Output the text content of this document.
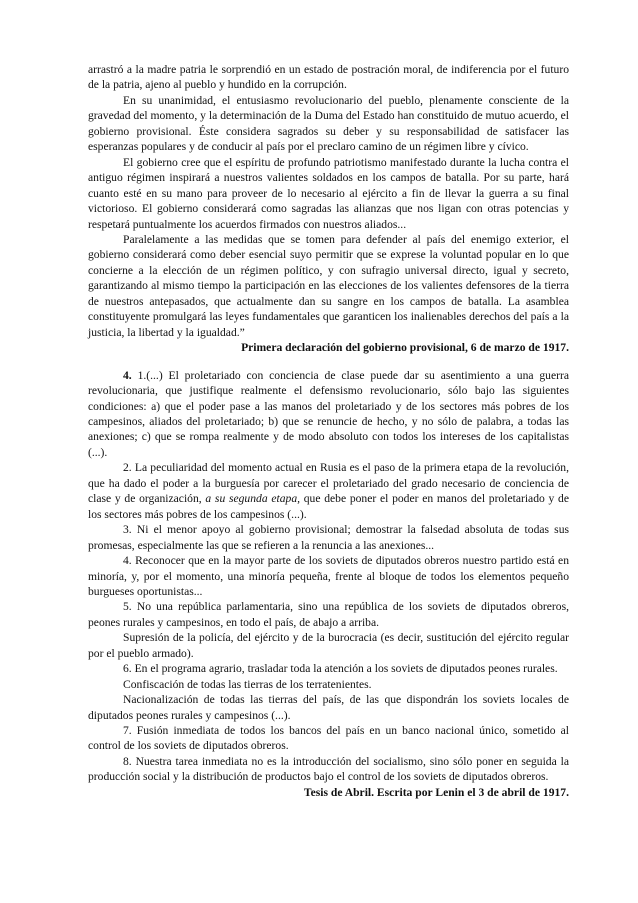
arrastró a la madre patria le sorprendió en un estado de postración moral, de indiferencia por el futuro de la patria, ajeno al pueblo y hundido en la corrupción.

En su unanimidad, el entusiasmo revolucionario del pueblo, plenamente consciente de la gravedad del momento, y la determinación de la Duma del Estado han constituido de mutuo acuerdo, el gobierno provisional. Éste considera sagrados su deber y su responsabilidad de satisfacer las esperanzas populares y de conducir al país por el preclaro camino de un régimen libre y cívico.

El gobierno cree que el espíritu de profundo patriotismo manifestado durante la lucha contra el antiguo régimen inspirará a nuestros valientes soldados en los campos de batalla. Por su parte, hará cuanto esté en su mano para proveer de lo necesario al ejército a fin de llevar la guerra a su final victorioso. El gobierno considerará como sagradas las alianzas que nos ligan con otras potencias y respetará puntualmente los acuerdos firmados con nuestros aliados...

Paralelamente a las medidas que se tomen para defender al país del enemigo exterior, el gobierno considerará como deber esencial suyo permitir que se exprese la voluntad popular en lo que concierne a la elección de un régimen político, y con sufragio universal directo, igual y secreto, garantizando al mismo tiempo la participación en las elecciones de los valientes defensores de la tierra de nuestros antepasados, que actualmente dan su sangre en los campos de batalla. La asamblea constituyente promulgará las leyes fundamentales que garanticen los inalienables derechos del país a la justicia, la libertad y la igualdad.”

Primera declaración del gobierno provisional, 6 de marzo de 1917.

4. 1.(...) El proletariado con conciencia de clase puede dar su asentimiento a una guerra revolucionaria, que justifique realmente el defensismo revolucionario, sólo bajo las siguientes condiciones: a) que el poder pase a las manos del proletariado y de los sectores más pobres de los campesinos, aliados del proletariado; b) que se renuncie de hecho, y no sólo de palabra, a todas las anexiones; c) que se rompa realmente y de modo absoluto con todos los intereses de los capitalistas (...).

2. La peculiaridad del momento actual en Rusia es el paso de la primera etapa de la revolución, que ha dado el poder a la burguesía por carecer el proletariado del grado necesario de conciencia de clase y de organización, a su segunda etapa, que debe poner el poder en manos del proletariado y de los sectores más pobres de los campesinos (...).

3. Ni el menor apoyo al gobierno provisional; demostrar la falsedad absoluta de todas sus promesas, especialmente las que se refieren a la renuncia a las anexiones...

4. Reconocer que en la mayor parte de los soviets de diputados obreros nuestro partido está en minoría, y, por el momento, una minoría pequeña, frente al bloque de todos los elementos pequeño burgueses oportunistas...

5. No una república parlamentaria, sino una república de los soviets de diputados obreros, peones rurales y campesinos, en todo el país, de abajo a arriba.

Supresión de la policía, del ejército y de la burocracia (es decir, sustitución del ejército regular por el pueblo armado).

6. En el programa agrario, trasladar toda la atención a los soviets de diputados peones rurales.

Confiscación de todas las tierras de los terratenientes.

Nacionalización de todas las tierras del país, de las que dispondrán los soviets locales de diputados peones rurales y campesinos (...).

7. Fusión inmediata de todos los bancos del país en un banco nacional único, sometido al control de los soviets de diputados obreros.

8. Nuestra tarea inmediata no es la introducción del socialismo, sino sólo poner en seguida la producción social y la distribución de productos bajo el control de los soviets de diputados obreros.

Tesis de Abril. Escrita por Lenin el 3 de abril de 1917.
